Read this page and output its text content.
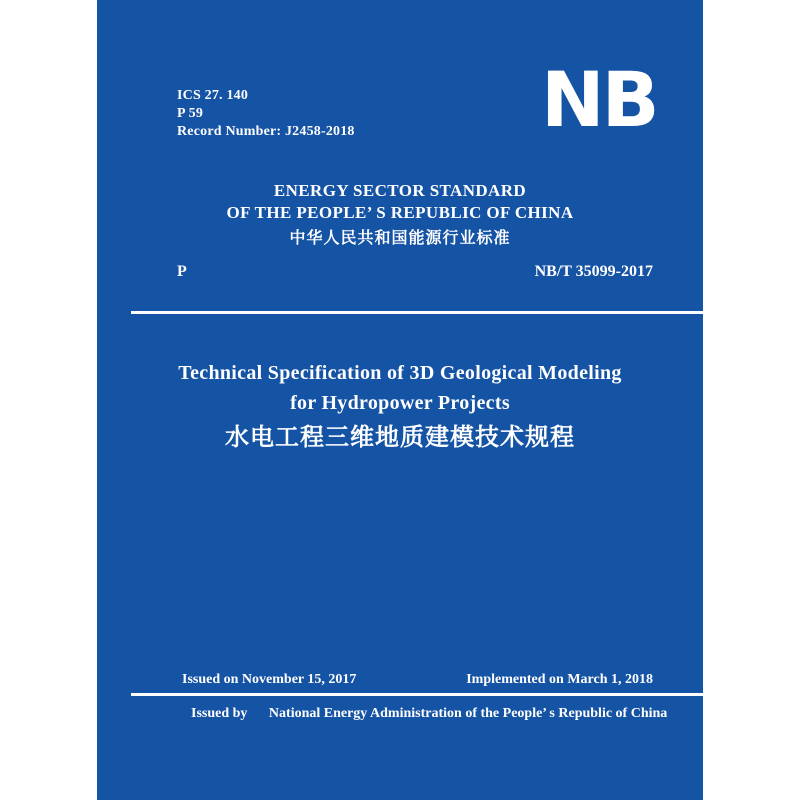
ICS 27. 140
P 59
Record Number: J2458-2018 NB
ENERGY SECTOR STANDARD
OF THE PEOPLE’ S REPUBLIC OF CHINA
中华人民共和国能源行业标准
P	NB/T 35099-2017
Technical Specification of 3D Geological Modeling
for Hydropower Projects
水电工程三维地质建模技术规程
Issued on November 15, 2017	Implemented on March 1, 2018
Issued by National Energy Administration of the People’ s Republic of China
